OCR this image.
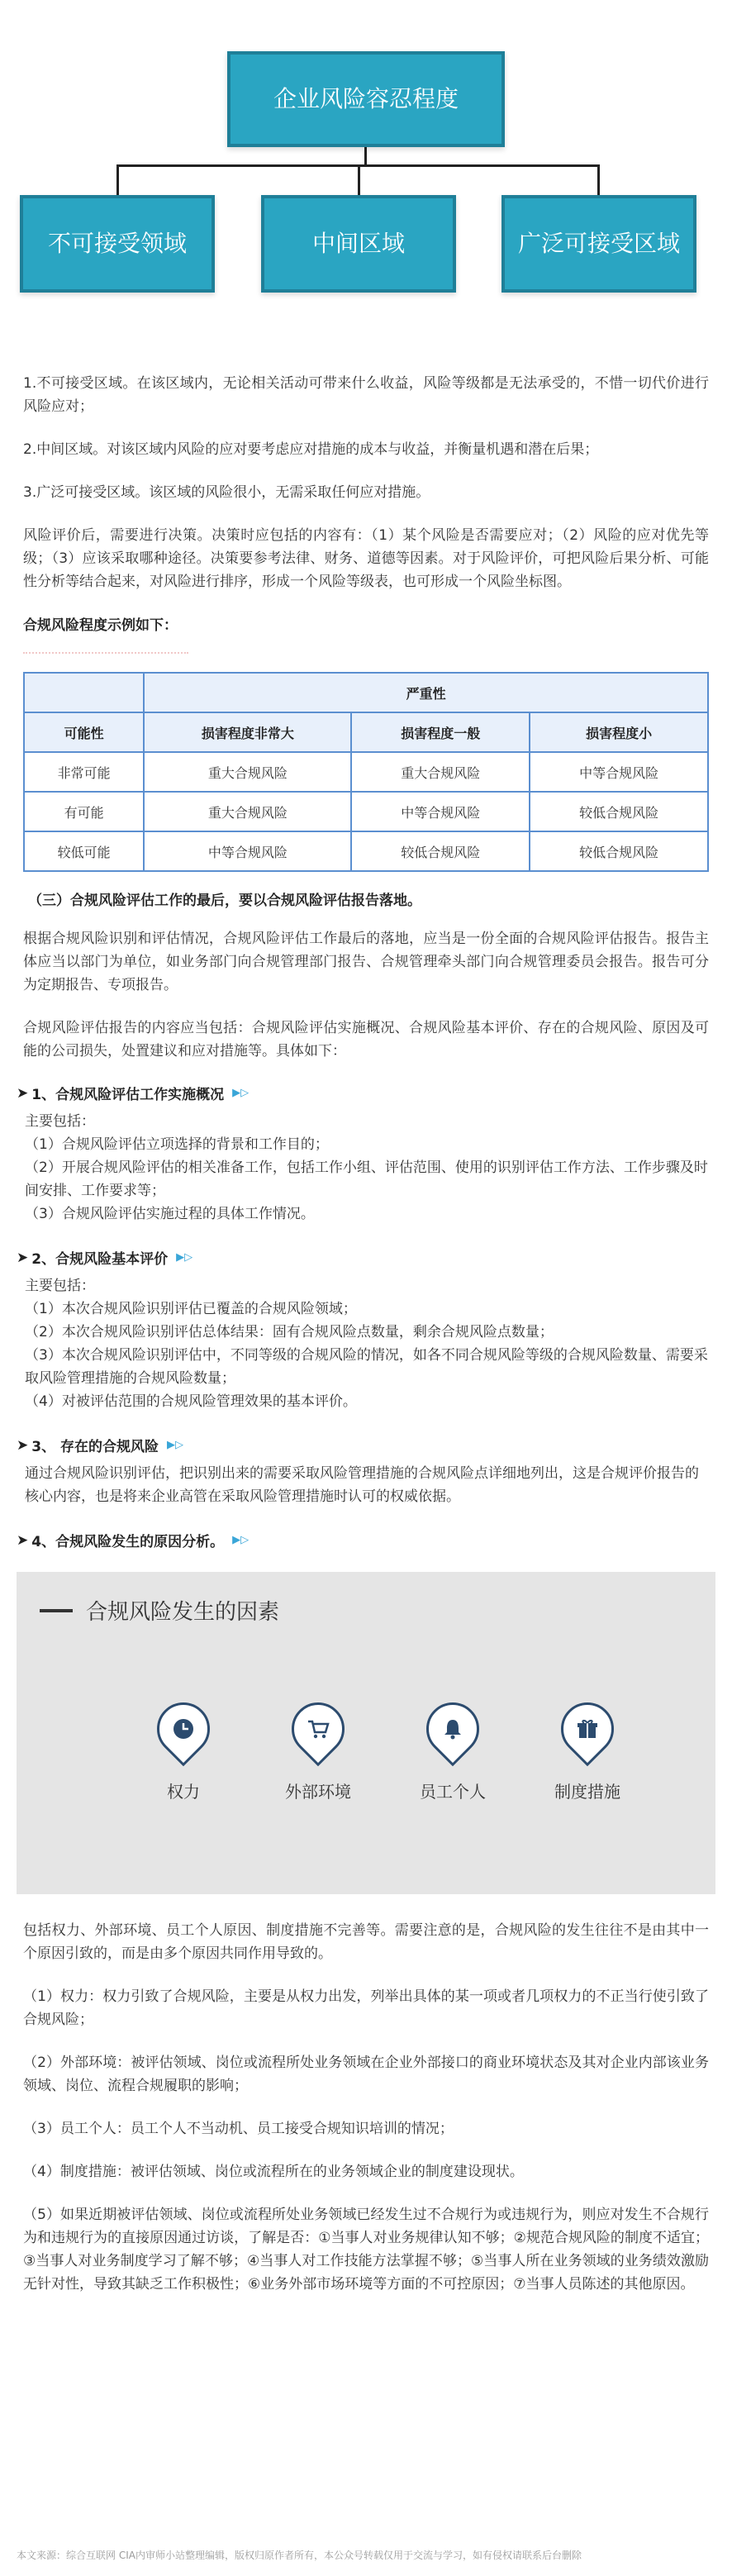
企业风险容忍程度
不可接受领域	中间区域	广泛可接受区域

1.不可接受区域。在该区域内，无论相关活动可带来什么收益，风险等级都是无法承受的，不惜一切代价进行风险应对；

2.中间区域。对该区域内风险的应对要考虑应对措施的成本与收益，并衡量机遇和潜在后果；

3.广泛可接受区域。该区域的风险很小，无需采取任何应对措施。

风险评价后，需要进行决策。决策时应包括的内容有：（1）某个风险是否需要应对；（2）风险的应对优先等级；（3）应该采取哪种途径。决策要参考法律、财务、道德等因素。对于风险评价，可把风险后果分析、可能性分析等结合起来，对风险进行排序，形成一个风险等级表，也可形成一个风险坐标图。

合规风险程度示例如下：

	严重性		
可能性	损害程度非常大	损害程度一般	损害程度小
非常可能	重大合规风险	重大合规风险	中等合规风险
有可能	重大合规风险	中等合规风险	较低合规风险
较低可能	中等合规风险	较低合规风险	较低合规风险

（三）合规风险评估工作的最后，要以合规风险评估报告落地。

根据合规风险识别和评估情况，合规风险评估工作最后的落地，应当是一份全面的合规风险评估报告。报告主体应当以部门为单位，如业务部门向合规管理部门报告、合规管理牵头部门向合规管理委员会报告。报告可分为定期报告、专项报告。

合规风险评估报告的内容应当包括：合规风险评估实施概况、合规风险基本评价、存在的合规风险、原因及可能的公司损失，处置建议和应对措施等。具体如下：

➤ 1、合规风险评估工作实施概况 ▶▷

主要包括：

（1）合规风险评估立项选择的背景和工作目的；

（2）开展合规风险评估的相关准备工作，包括工作小组、评估范围、使用的识别评估工作方法、工作步骤及时间安排、工作要求等；

（3）合规风险评估实施过程的具体工作情况。

➤ 2、合规风险基本评价 ▶▷

主要包括：

（1）本次合规风险识别评估已覆盖的合规风险领域；

（2）本次合规风险识别评估总体结果：固有合规风险点数量，剩余合规风险点数量；

（3）本次合规风险识别评估中，不同等级的合规风险的情况，如各不同合规风险等级的合规风险数量、需要采取风险管理措施的合规风险数量；

（4）对被评估范围的合规风险管理效果的基本评价。

➤ 3、 存在的合规风险 ▶▷

通过合规风险识别评估，把识别出来的需要采取风险管理措施的合规风险点详细地列出，这是合规评价报告的核心内容，也是将来企业高管在采取风险管理措施时认可的权威依据。

➤ 4、合规风险发生的原因分析。 ▶▷
合规风险发生的因素
权力	外部环境	员工个人	制度措施

包括权力、外部环境、员工个人原因、制度措施不完善等。需要注意的是，合规风险的发生往往不是由其中一个原因引致的，而是由多个原因共同作用导致的。

（1）权力：权力引致了合规风险，主要是从权力出发，列举出具体的某一项或者几项权力的不正当行使引致了合规风险；

（2）外部环境：被评估领域、岗位或流程所处业务领域在企业外部接口的商业环境状态及其对企业内部该业务领域、岗位、流程合规履职的影响；

（3）员工个人：员工个人不当动机、员工接受合规知识培训的情况；

（4）制度措施：被评估领域、岗位或流程所在的业务领域企业的制度建设现状。

（5）如果近期被评估领域、岗位或流程所处业务领域已经发生过不合规行为或违规行为，则应对发生不合规行为和违规行为的直接原因通过访谈，了解是否：①当事人对业务规律认知不够；②规范合规风险的制度不适宜；③当事人对业务制度学习了解不够；④当事人对工作技能方法掌握不够；⑤当事人所在业务领域的业务绩效激励无针对性，导致其缺乏工作积极性；⑥业务外部市场环境等方面的不可控原因；⑦当事人员陈述的其他原因。

本文来源：综合互联网 CIA内审师小站整理编辑，版权归原作者所有，本公众号转载仅用于交流与学习，如有侵权请联系后台删除
